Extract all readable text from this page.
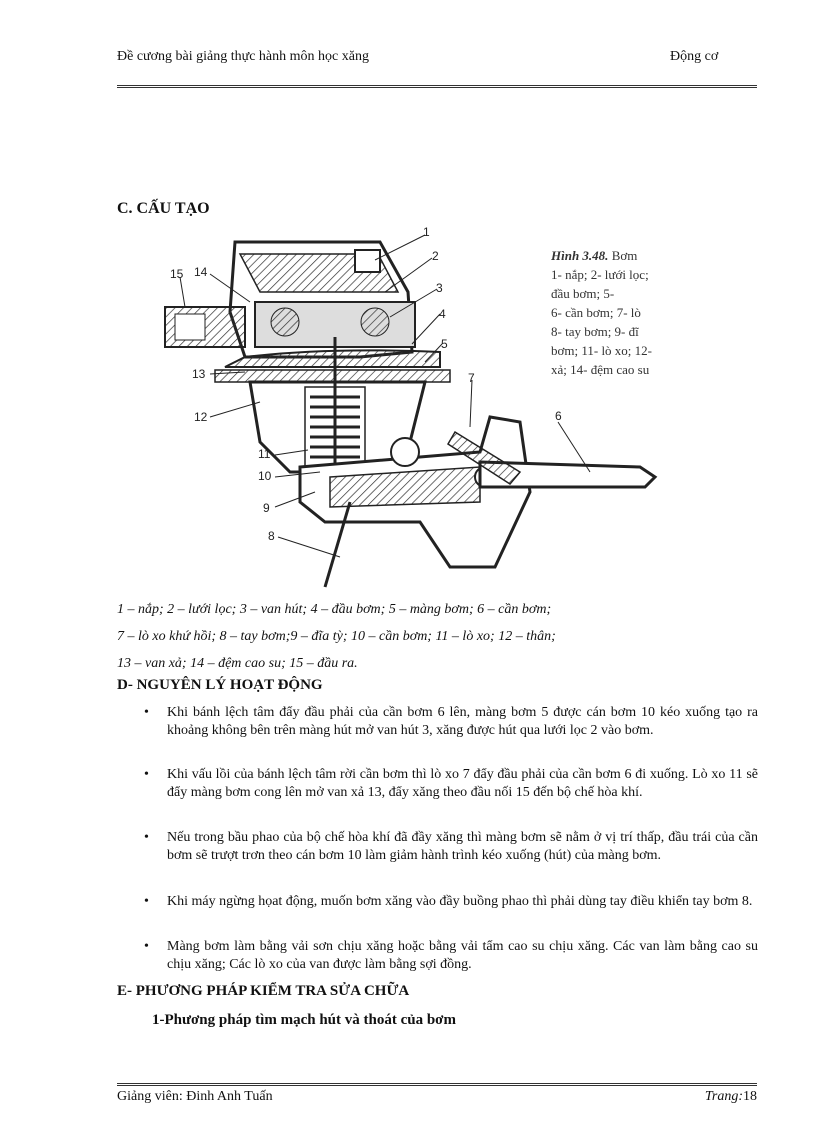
Đề cương bài giảng thực hành môn học xăng	Động cơ
C. CẤU TẠO
1
2
3
4
5
6
7
8
9
10
11
12
13
14
15
Hình 3.48. Bơm
1- nắp; 2- lưới lọc;
đầu bơm; 5-
6- cần bơm; 7- lò
8- tay bơm; 9- đĩ
bơm; 11- lò xo; 12-
xả; 14- đệm cao su
1 – nắp; 2 – lưới lọc; 3 – van hút; 4 – đầu bơm; 5 – màng bơm; 6 – cần bơm;
7 – lò xo khứ hồi; 8 – tay bơm;9 – đĩa tỳ; 10 – cần bơm; 11 – lò xo; 12 – thân;
13 – van xả; 14 – đệm cao su; 15 – đầu ra.
D- NGUYÊN LÝ HOẠT ĐỘNG
• Khi bánh lệch tâm đẩy đầu phải của cần bơm 6 lên, màng bơm 5 được cán bơm 10 kéo xuống tạo ra khoảng không bên trên màng hút mở van hút 3, xăng được hút qua lưới lọc 2 vào bơm.
• Khi vấu lồi của bánh lệch tâm rời cần bơm thì lò xo 7 đẩy đầu phải của cần bơm 6 đi xuống. Lò xo 11 sẽ đẩy màng bơm cong lên mở van xả 13, đẩy xăng theo đầu nối 15 đến bộ chế hòa khí.
• Nếu trong bầu phao của bộ chế hòa khí đã đầy xăng thì màng bơm sẽ nằm ở vị trí thấp, đầu trái của cần bơm sẽ trượt trơn theo cán bơm 10 làm giảm hành trình kéo xuống (hút) của màng bơm.
• Khi máy ngừng họat động, muốn bơm xăng vào đầy buồng phao thì phải dùng tay điều khiển tay bơm 8.
• Màng bơm làm bằng vải sơn chịu xăng hoặc bằng vải tẩm cao su chịu xăng. Các van làm bằng cao su chịu xăng; Các lò xo của van được làm bằng sợi đồng.
E- PHƯƠNG PHÁP KIỂM TRA SỬA CHỮA
1-Phương pháp tìm mạch hút và thoát của bơm
Giảng viên: Đinh Anh Tuấn	Trang:18
